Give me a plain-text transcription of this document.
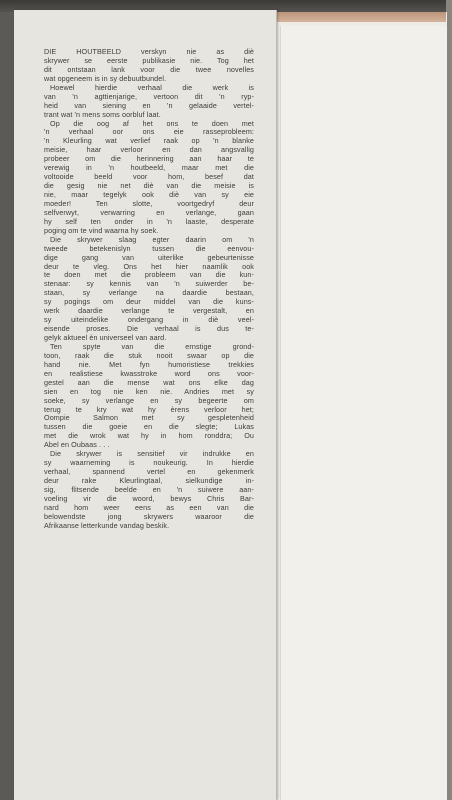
DIE HOUTBEELD verskyn nie as diè
skrywer se eerste publikasie nie. Tog het
dit ontstaan lank voor die twee novelles
wat opgeneem is in sy debuutbundel.
Hoewel hierdie verhaal die werk is
van 'n agttienjarige, vertoon dit 'n ryp-
heid van siening en 'n gelaaide vertel-
trant wat 'n mens soms oorbluf laat.
Op die oog af het ons te doen met
'n verhaal oor ons eie rasseprobleem:
'n Kleurling wat verlief raak op 'n blanke
meisie, haar verloor en dan angsvallig
probeer om die herinnering aan haar te
verewig in 'n houtbeeld, maar met die
voltooide beeld voor hom, besef dat
die gesig nie net diè van die meisie is
nie, maar tegelyk ook diè van sy eie
moeder! Ten slotte, voortgedryf deur
selfverwyt, verwarring en verlange, gaan
hy self ten onder in 'n laaste, desperate
poging om te vind waarna hy soek.
Die skrywer slaag egter daarin om 'n
tweede betekenislyn tussen die eenvou-
dige gang van uiterlike gebeurtenisse
deur te vleg. Ons het hier naamlik ook
te doen met die probleem van die kun-
stenaar: sy kennis van 'n suiwerder be-
staan, sy verlange na daardie bestaan,
sy pogings om deur middel van die kuns-
werk daardie verlange te vergestalt, en
sy uiteindelike ondergang in diè veel-
eisende proses. Die verhaal is dus te-
gelyk aktueel èn universeel van aard.
Ten spyte van die ernstige grond-
toon, raak die stuk nooit swaar op die
hand nie. Met fyn humoristiese trekkies
en realistiese kwasstroke word ons voor-
gestel aan die mense wat ons elke dag
sien en tog nie ken nie. Andries met sy
soeke, sy verlange en sy begeerte om
terug te kry wat hy èrens verloor het;
Oompie Salmon met sy gespletenheid
tussen die goeie en die slegte; Lukas
met die wrok wat hy in hom ronddra; Ou
Abel en Oubaas . . .
Die skrywer is sensitief vir indrukke en
sy waarneming is noukeurig. In hierdie
verhaal, spannend vertel en gekenmerk
deur rake Kleurlingtaal, sielkundige in-
sig, flitsende beelde en 'n suiwere aan-
voeling vir die woord, bewys Chris Bar-
nard hom weer eens as een van die
belowendste jong skrywers waaroor die
Afrikaanse letterkunde vandag beskik.
